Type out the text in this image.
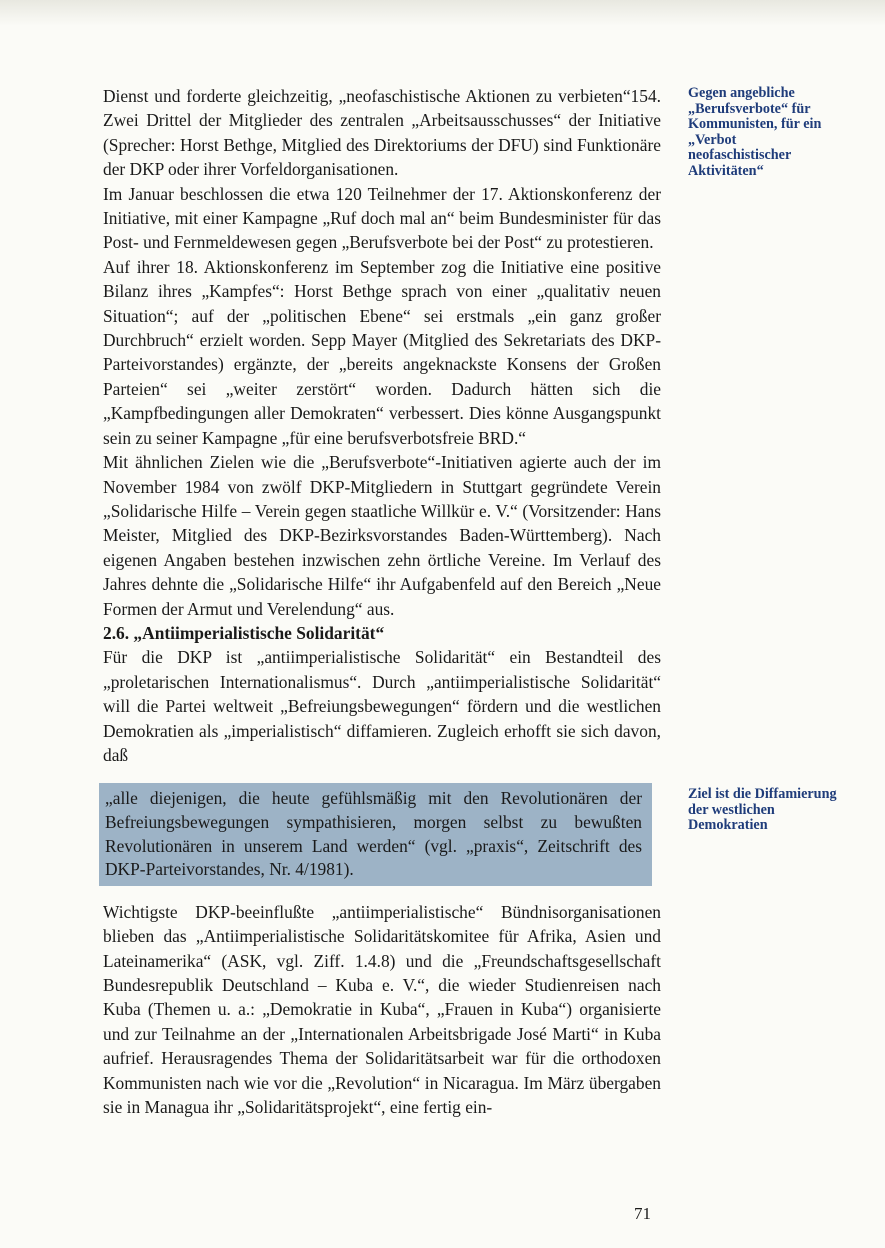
Dienst und forderte gleichzeitig, „neofaschistische Aktionen zu verbieten“154. Zwei Drittel der Mitglieder des zentralen „Arbeitsausschusses“ der Initiative (Sprecher: Horst Bethge, Mitglied des Direktoriums der DFU) sind Funktionäre der DKP oder ihrer Vorfeldorganisationen.

Im Januar beschlossen die etwa 120 Teilnehmer der 17. Aktionskonferenz der Initiative, mit einer Kampagne „Ruf doch mal an“ beim Bundesminister für das Post- und Fernmeldewesen gegen „Berufsverbote bei der Post“ zu protestieren.

Auf ihrer 18. Aktionskonferenz im September zog die Initiative eine positive Bilanz ihres „Kampfes“: Horst Bethge sprach von einer „qualitativ neuen Situation“; auf der „politischen Ebene“ sei erstmals „ein ganz großer Durchbruch“ erzielt worden. Sepp Mayer (Mitglied des Sekretariats des DKP-Parteivorstandes) ergänzte, der „bereits angeknackste Konsens der Großen Parteien“ sei „weiter zerstört“ worden. Dadurch hätten sich die „Kampfbedingungen aller Demokraten“ verbessert. Dies könne Ausgangspunkt sein zu seiner Kampagne „für eine berufsverbotsfreie BRD.“

Mit ähnlichen Zielen wie die „Berufsverbote“-Initiativen agierte auch der im November 1984 von zwölf DKP-Mitgliedern in Stuttgart gegründete Verein „Solidarische Hilfe – Verein gegen staatliche Willkür e. V.“ (Vorsitzender: Hans Meister, Mitglied des DKP-Bezirksvorstandes Baden-Württemberg). Nach eigenen Angaben bestehen inzwischen zehn örtliche Vereine. Im Verlauf des Jahres dehnte die „Solidarische Hilfe“ ihr Aufgabenfeld auf den Bereich „Neue Formen der Armut und Verelendung“ aus.

2.6. „Antiimperialistische Solidarität“

Für die DKP ist „antiimperialistische Solidarität“ ein Bestandteil des „proletarischen Internationalismus“. Durch „antiimperialistische Solidarität“ will die Partei weltweit „Befreiungsbewegungen“ fördern und die westlichen Demokratien als „imperialistisch“ diffamieren. Zugleich erhofft sie sich davon, daß

„alle diejenigen, die heute gefühlsmäßig mit den Revolutionären der Befreiungsbewegungen sympathisieren, morgen selbst zu bewußten Revolutionären in unserem Land werden“ (vgl. „praxis“, Zeitschrift des DKP-Parteivorstandes, Nr. 4/1981).

Wichtigste DKP-beeinflußte „antiimperialistische“ Bündnisorganisationen blieben das „Antiimperialistische Solidaritätskomitee für Afrika, Asien und Lateinamerika“ (ASK, vgl. Ziff. 1.4.8) und die „Freundschaftsgesellschaft Bundesrepublik Deutschland – Kuba e. V.“, die wieder Studienreisen nach Kuba (Themen u. a.: „Demokratie in Kuba“, „Frauen in Kuba“) organisierte und zur Teilnahme an der „Internationalen Arbeitsbrigade José Marti“ in Kuba aufrief. Herausragendes Thema der Solidaritätsarbeit war für die orthodoxen Kommunisten nach wie vor die „Revolution“ in Nicaragua. Im März übergaben sie in Managua ihr „Solidaritätsprojekt“, eine fertig ein-

Gegen angebliche „Berufsverbote“ für Kommunisten, für ein „Verbot neofaschistischer Aktivitäten“
Ziel ist die Diffamierung der westlichen Demokratien
71
